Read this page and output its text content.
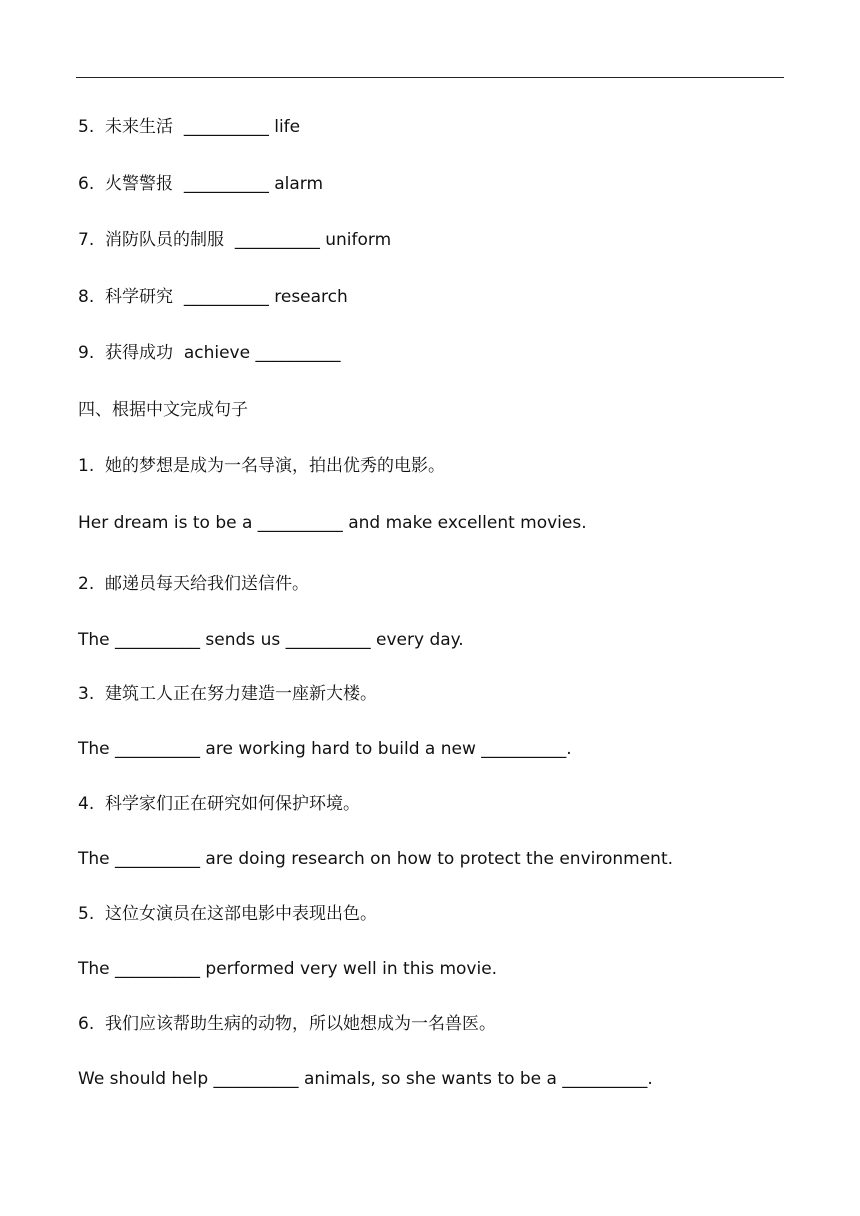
5.  未来生活  __________ life
6.  火警警报  __________ alarm
7.  消防队员的制服  __________ uniform
8.  科学研究  __________ research
9.  获得成功  achieve __________
四、根据中文完成句子
1.  她的梦想是成为一名导演，拍出优秀的电影。
Her dream is to be a __________ and make excellent movies.
2.  邮递员每天给我们送信件。
The __________ sends us __________ every day.
3.  建筑工人正在努力建造一座新大楼。
The __________ are working hard to build a new __________.
4.  科学家们正在研究如何保护环境。
The __________ are doing research on how to protect the environment.
5.  这位女演员在这部电影中表现出色。
The __________ performed very well in this movie.
6.  我们应该帮助生病的动物，所以她想成为一名兽医。
We should help __________ animals, so she wants to be a __________.
